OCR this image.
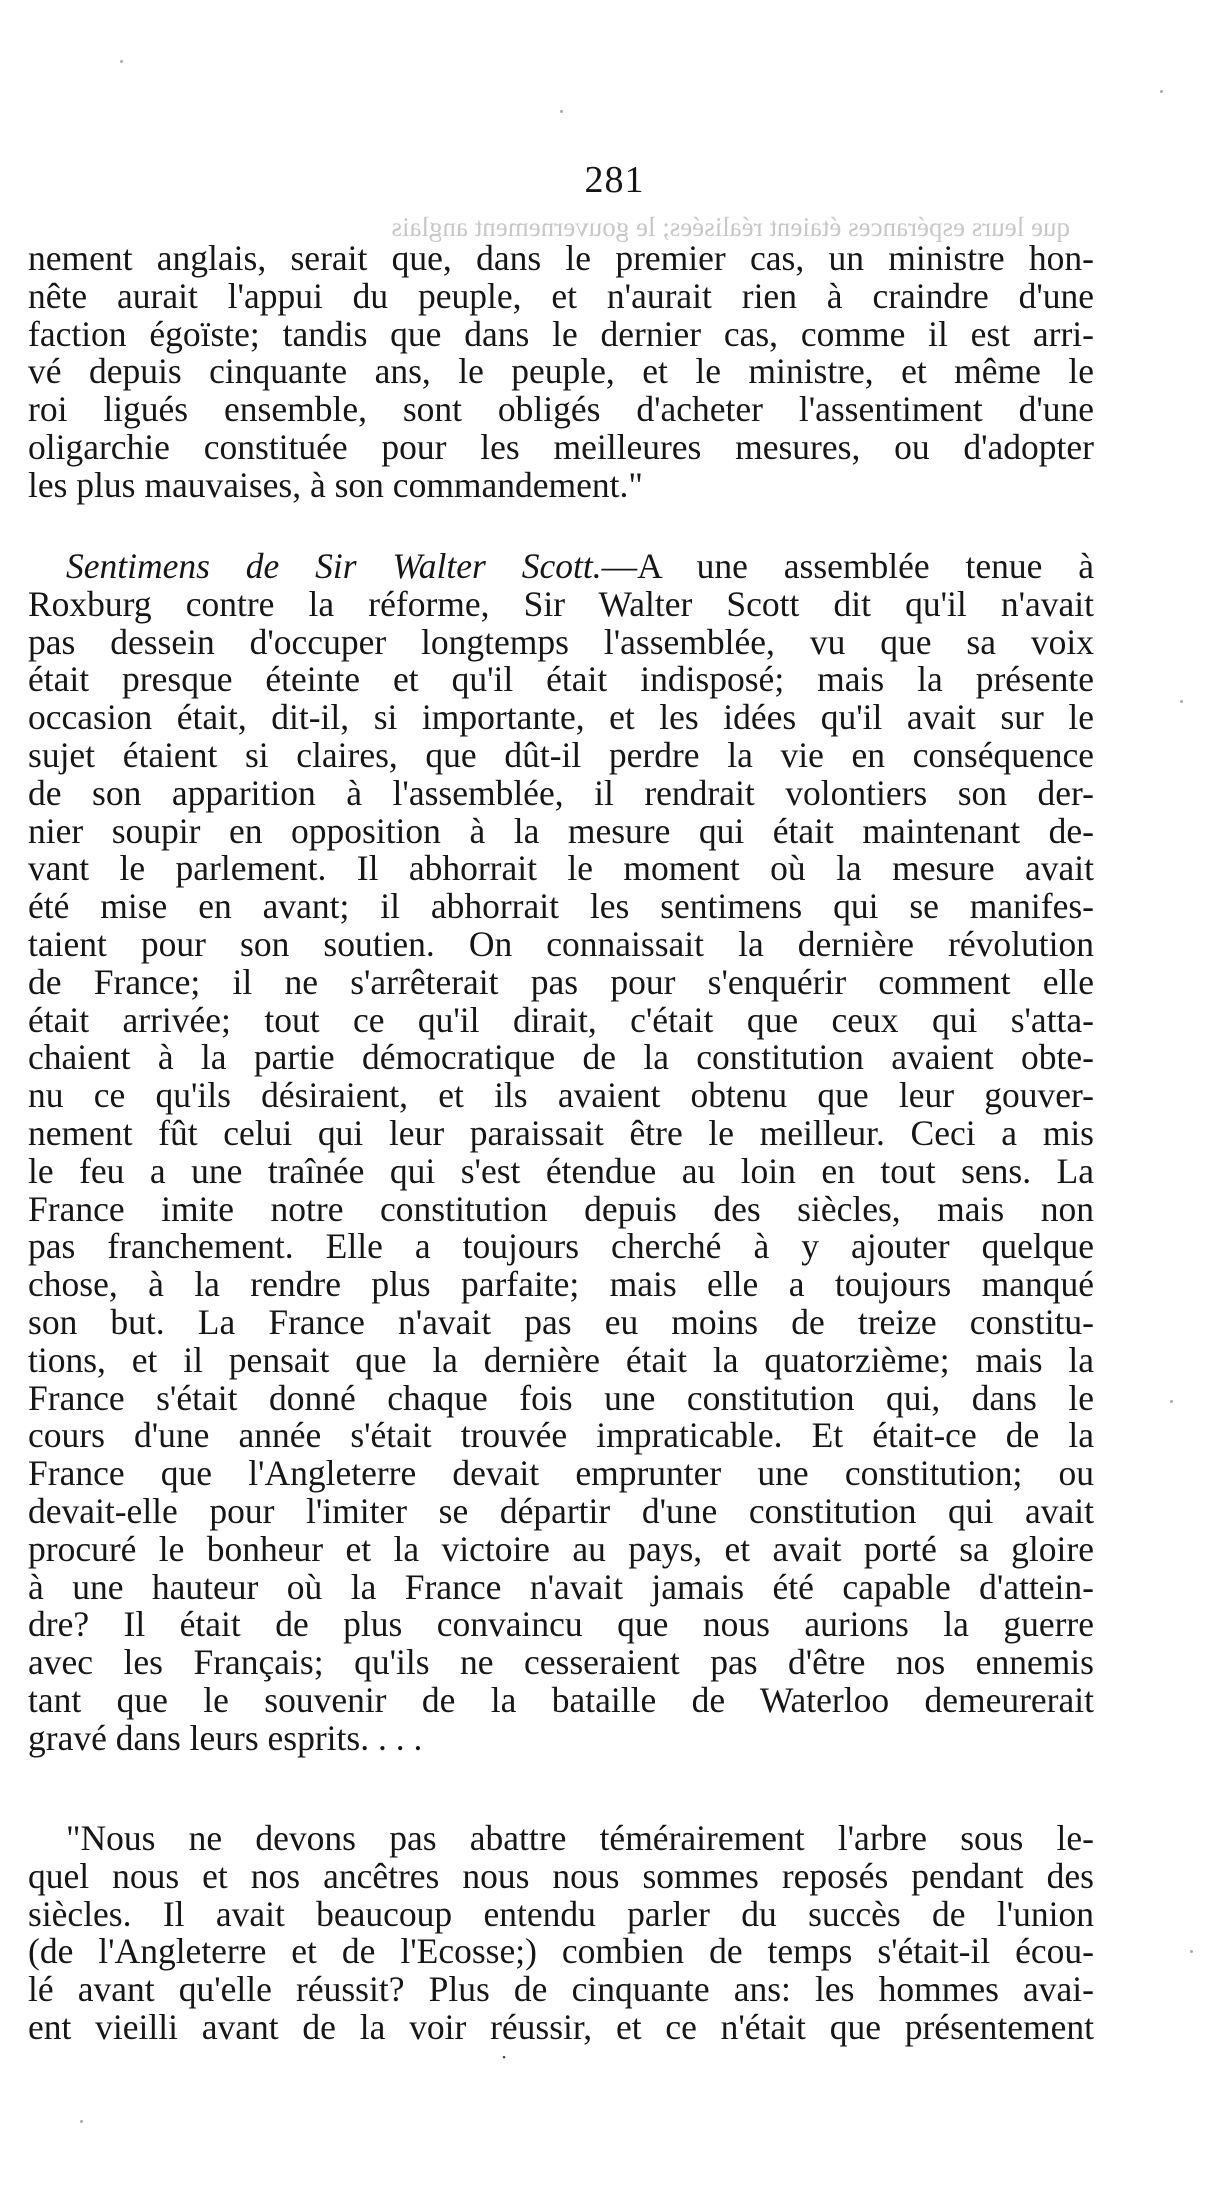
que leurs espérances étaient réalisées; le gouvernement anglais
281
nement anglais, serait que, dans le premier cas, un ministre hon-
nête aurait l'appui du peuple, et n'aurait rien à craindre d'une
faction égoïste; tandis que dans le dernier cas, comme il est arri-
vé depuis cinquante ans, le peuple, et le ministre, et même le
roi ligués ensemble, sont obligés d'acheter l'assentiment d'une
oligarchie constituée pour les meilleures mesures, ou d'adopter
les plus mauvaises, à son commandement."
Sentimens de Sir Walter Scott.—A une assemblée tenue à
Roxburg contre la réforme, Sir Walter Scott dit qu'il n'avait
pas dessein d'occuper longtemps l'assemblée, vu que sa voix
était presque éteinte et qu'il était indisposé; mais la présente
occasion était, dit-il, si importante, et les idées qu'il avait sur le
sujet étaient si claires, que dût-il perdre la vie en conséquence
de son apparition à l'assemblée, il rendrait volontiers son der-
nier soupir en opposition à la mesure qui était maintenant de-
vant le parlement. Il abhorrait le moment où la mesure avait
été mise en avant; il abhorrait les sentimens qui se manifes-
taient pour son soutien. On connaissait la dernière révolution
de France; il ne s'arrêterait pas pour s'enquérir comment elle
était arrivée; tout ce qu'il dirait, c'était que ceux qui s'atta-
chaient à la partie démocratique de la constitution avaient obte-
nu ce qu'ils désiraient, et ils avaient obtenu que leur gouver-
nement fût celui qui leur paraissait être le meilleur. Ceci a mis
le feu a une traînée qui s'est étendue au loin en tout sens. La
France imite notre constitution depuis des siècles, mais non
pas franchement. Elle a toujours cherché à y ajouter quelque
chose, à la rendre plus parfaite; mais elle a toujours manqué
son but. La France n'avait pas eu moins de treize constitu-
tions, et il pensait que la dernière était la quatorzième; mais la
France s'était donné chaque fois une constitution qui, dans le
cours d'une année s'était trouvée impraticable. Et était-ce de la
France que l'Angleterre devait emprunter une constitution; ou
devait-elle pour l'imiter se départir d'une constitution qui avait
procuré le bonheur et la victoire au pays, et avait porté sa gloire
à une hauteur où la France n'avait jamais été capable d'attein-
dre? Il était de plus convaincu que nous aurions la guerre
avec les Français; qu'ils ne cesseraient pas d'être nos ennemis
tant que le souvenir de la bataille de Waterloo demeurerait
gravé dans leurs esprits. . . .
"Nous ne devons pas abattre témérairement l'arbre sous le-
quel nous et nos ancêtres nous nous sommes reposés pendant des
siècles. Il avait beaucoup entendu parler du succès de l'union
(de l'Angleterre et de l'Ecosse;) combien de temps s'était-il écou-
lé avant qu'elle réussit? Plus de cinquante ans: les hommes avai-
ent vieilli avant de la voir réussir, et ce n'était que présentement
˙
